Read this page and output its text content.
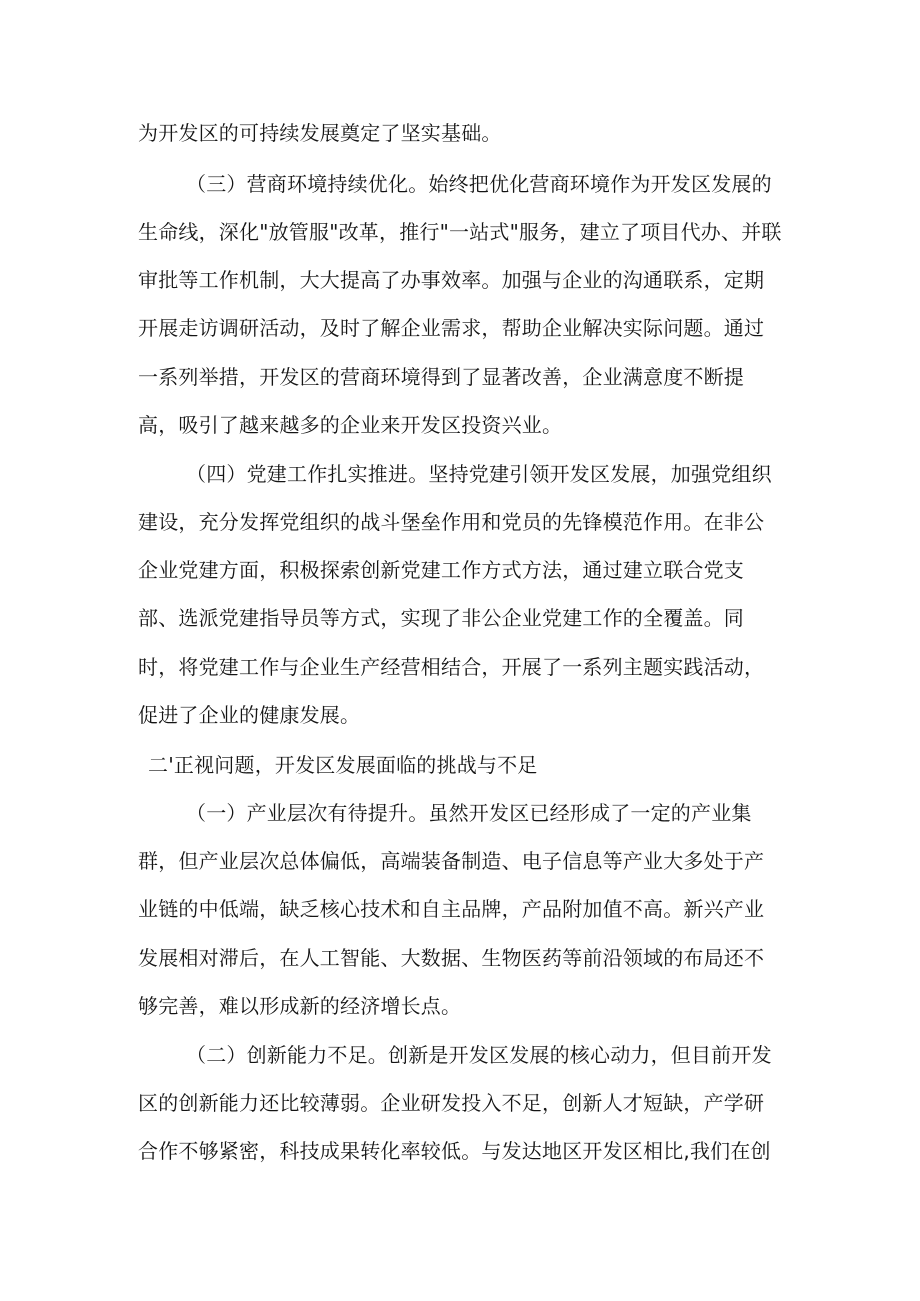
为开发区的可持续发展奠定了坚实基础。
（三）营商环境持续优化。始终把优化营商环境作为开发区发展的
生命线，深化"放管服"改革，推行"一站式"服务，建立了项目代办、并联
审批等工作机制，大大提高了办事效率。加强与企业的沟通联系，定期
开展走访调研活动，及时了解企业需求，帮助企业解决实际问题。通过
一系列举措，开发区的营商环境得到了显著改善，企业满意度不断提
高，吸引了越来越多的企业来开发区投资兴业。
（四）党建工作扎实推进。坚持党建引领开发区发展，加强党组织
建设，充分发挥党组织的战斗堡垒作用和党员的先锋模范作用。在非公
企业党建方面，积极探索创新党建工作方式方法，通过建立联合党支
部、选派党建指导员等方式，实现了非公企业党建工作的全覆盖。同
时，将党建工作与企业生产经营相结合，开展了一系列主题实践活动，
促进了企业的健康发展。
二'正视问题，开发区发展面临的挑战与不足
（一）产业层次有待提升。虽然开发区已经形成了一定的产业集
群，但产业层次总体偏低，高端装备制造、电子信息等产业大多处于产
业链的中低端，缺乏核心技术和自主品牌，产品附加值不高。新兴产业
发展相对滞后，在人工智能、大数据、生物医药等前沿领域的布局还不
够完善，难以形成新的经济增长点。
（二）创新能力不足。创新是开发区发展的核心动力，但目前开发
区的创新能力还比较薄弱。企业研发投入不足，创新人才短缺，产学研
合作不够紧密，科技成果转化率较低。与发达地区开发区相比,我们在创
